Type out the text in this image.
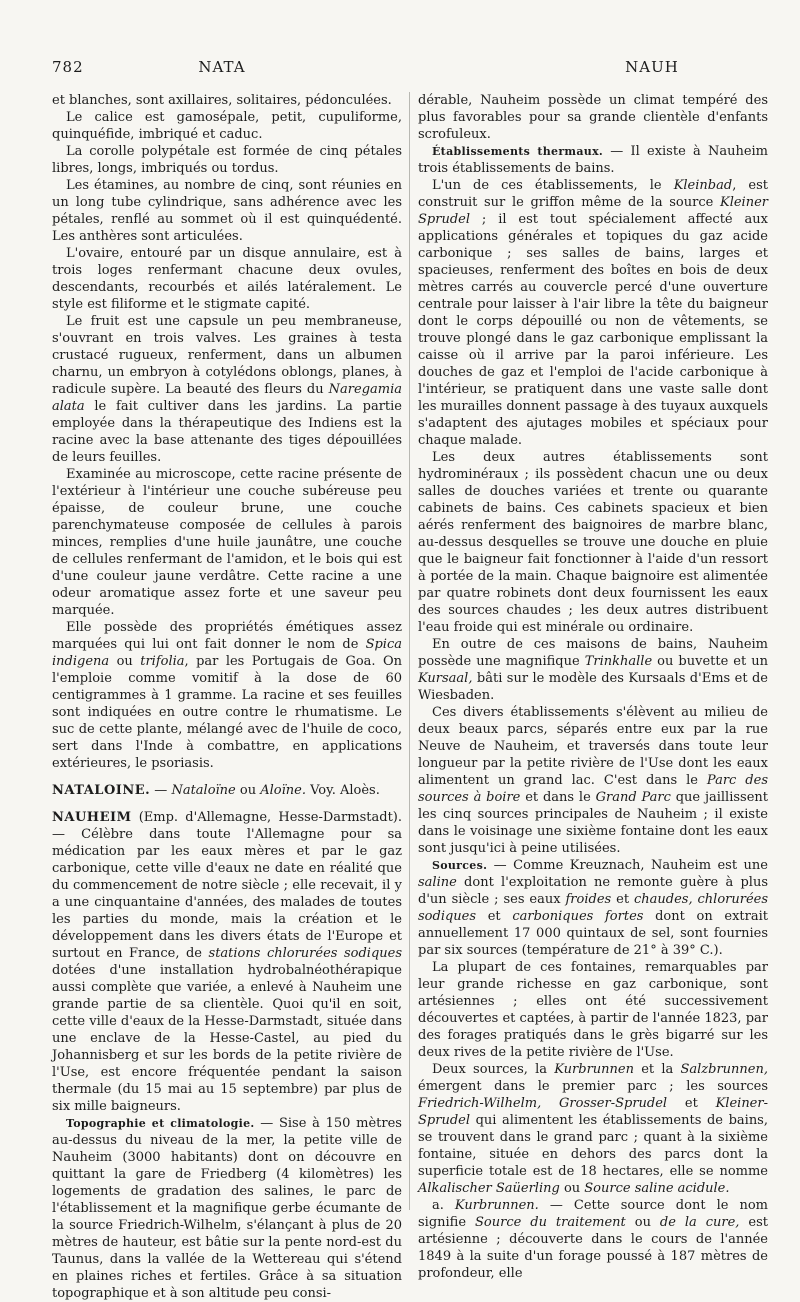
782	NATA	NAUH

et blanches, sont axillaires, solitaires, pédonculées.

Le calice est gamosépale, petit, cupuliforme, quinquéfide, imbriqué et caduc.

La corolle polypétale est formée de cinq pétales libres, longs, imbriqués ou tordus.

Les étamines, au nombre de cinq, sont réunies en un long tube cylindrique, sans adhérence avec les pétales, renflé au sommet où il est quinquédenté. Les anthères sont articulées.

L'ovaire, entouré par un disque annulaire, est à trois loges renfermant chacune deux ovules, descendants, recourbés et ailés latéralement. Le style est filiforme et le stigmate capité.

Le fruit est une capsule un peu membraneuse, s'ouvrant en trois valves. Les graines à testa crustacé rugueux, renferment, dans un albumen charnu, un embryon à cotylédons oblongs, planes, à radicule supère. La beauté des fleurs du Naregamia alata le fait cultiver dans les jardins. La partie employée dans la thérapeutique des Indiens est la racine avec la base attenante des tiges dépouillées de leurs feuilles.

Examinée au microscope, cette racine présente de l'extérieur à l'intérieur une couche subéreuse peu épaisse, de couleur brune, une couche parenchymateuse composée de cellules à parois minces, remplies d'une huile jaunâtre, une couche de cellules renfermant de l'amidon, et le bois qui est d'une couleur jaune verdâtre. Cette racine a une odeur aromatique assez forte et une saveur peu marquée.

Elle possède des propriétés émétiques assez marquées qui lui ont fait donner le nom de Spica indigena ou trifolia, par les Portugais de Goa. On l'emploie comme vomitif à la dose de 60 centigrammes à 1 gramme. La racine et ses feuilles sont indiquées en outre contre le rhumatisme. Le suc de cette plante, mélangé avec de l'huile de coco, sert dans l'Inde à combattre, en applications extérieures, le psoriasis.

NATALOINE. — Nataloïne ou Aloïne. Voy. Aloès.

NAUHEIM (Emp. d'Allemagne, Hesse-Darmstadt). — Célèbre dans toute l'Allemagne pour sa médication par les eaux mères et par le gaz carbonique, cette ville d'eaux ne date en réalité que du commencement de notre siècle ; elle recevait, il y a une cinquantaine d'années, des malades de toutes les parties du monde, mais la création et le développement dans les divers états de l'Europe et surtout en France, de stations chlorurées sodiques dotées d'une installation hydrobalnéothérapique aussi complète que variée, a enlevé à Nauheim une grande partie de sa clientèle. Quoi qu'il en soit, cette ville d'eaux de la Hesse-Darmstadt, située dans une enclave de la Hesse-Castel, au pied du Johannisberg et sur les bords de la petite rivière de l'Use, est encore fréquentée pendant la saison thermale (du 15 mai au 15 septembre) par plus de six mille baigneurs.

Topographie et climatologie. — Sise à 150 mètres au-dessus du niveau de la mer, la petite ville de Nauheim (3000 habitants) dont on découvre en quittant la gare de Friedberg (4 kilomètres) les logements de gradation des salines, le parc de l'établissement et la magnifique gerbe écumante de la source Friedrich-Wilhelm, s'élançant à plus de 20 mètres de hauteur, est bâtie sur la pente nord-est du Taunus, dans la vallée de la Wettereau qui s'étend en plaines riches et fertiles. Grâce à sa situation topographique et à son altitude peu consi-

dérable, Nauheim possède un climat tempéré des plus favorables pour sa grande clientèle d'enfants scrofuleux.

Établissements thermaux. — Il existe à Nauheim trois établissements de bains.

L'un de ces établissements, le Kleinbad, est construit sur le griffon même de la source Kleiner Sprudel ; il est tout spécialement affecté aux applications générales et topiques du gaz acide carbonique ; ses salles de bains, larges et spacieuses, renferment des boîtes en bois de deux mètres carrés au couvercle percé d'une ouverture centrale pour laisser à l'air libre la tête du baigneur dont le corps dépouillé ou non de vêtements, se trouve plongé dans le gaz carbonique emplissant la caisse où il arrive par la paroi inférieure. Les douches de gaz et l'emploi de l'acide carbonique à l'intérieur, se pratiquent dans une vaste salle dont les murailles donnent passage à des tuyaux auxquels s'adaptent des ajutages mobiles et spéciaux pour chaque malade.

Les deux autres établissements sont hydrominéraux ; ils possèdent chacun une ou deux salles de douches variées et trente ou quarante cabinets de bains. Ces cabinets spacieux et bien aérés renferment des baignoires de marbre blanc, au-dessus desquelles se trouve une douche en pluie que le baigneur fait fonctionner à l'aide d'un ressort à portée de la main. Chaque baignoire est alimentée par quatre robinets dont deux fournissent les eaux des sources chaudes ; les deux autres distribuent l'eau froide qui est minérale ou ordinaire.

En outre de ces maisons de bains, Nauheim possède une magnifique Trinkhalle ou buvette et un Kursaal, bâti sur le modèle des Kursaals d'Ems et de Wiesbaden.

Ces divers établissements s'élèvent au milieu de deux beaux parcs, séparés entre eux par la rue Neuve de Nauheim, et traversés dans toute leur longueur par la petite rivière de l'Use dont les eaux alimentent un grand lac. C'est dans le Parc des sources à boire et dans le Grand Parc que jaillissent les cinq sources principales de Nauheim ; il existe dans le voisinage une sixième fontaine dont les eaux sont jusqu'ici à peine utilisées.

Sources. — Comme Kreuznach, Nauheim est une saline dont l'exploitation ne remonte guère à plus d'un siècle ; ses eaux froides et chaudes, chlorurées sodiques et carboniques fortes dont on extrait annuellement 17 000 quintaux de sel, sont fournies par six sources (température de 21° à 39° C.).

La plupart de ces fontaines, remarquables par leur grande richesse en gaz carbonique, sont artésiennes ; elles ont été successivement découvertes et captées, à partir de l'année 1823, par des forages pratiqués dans le grès bigarré sur les deux rives de la petite rivière de l'Use.

Deux sources, la Kurbrunnen et la Salzbrunnen, émergent dans le premier parc ; les sources Friedrich-Wilhelm, Grosser-Sprudel et Kleiner-Sprudel qui alimentent les établissements de bains, se trouvent dans le grand parc ; quant à la sixième fontaine, située en dehors des parcs dont la superficie totale est de 18 hectares, elle se nomme Alkalischer Saüerling ou Source saline acidule.

a. Kurbrunnen. — Cette source dont le nom signifie Source du traitement ou de la cure, est artésienne ; découverte dans le cours de l'année 1849 à la suite d'un forage poussé à 187 mètres de profondeur, elle
